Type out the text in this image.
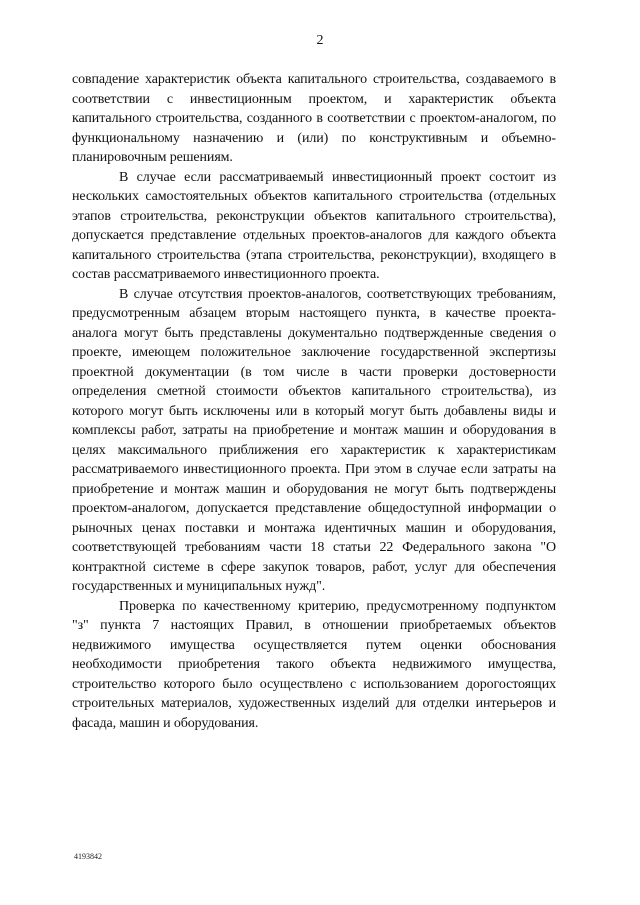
2

совпадение характеристик объекта капитального строительства, создаваемого в соответствии с инвестиционным проектом, и характеристик объекта капитального строительства, созданного в соответствии с проектом-аналогом, по функциональному назначению и (или) по конструктивным и объемно-планировочным решениям.

В случае если рассматриваемый инвестиционный проект состоит из нескольких самостоятельных объектов капитального строительства (отдельных этапов строительства, реконструкции объектов капитального строительства), допускается представление отдельных проектов-аналогов для каждого объекта капитального строительства (этапа строительства, реконструкции), входящего в состав рассматриваемого инвестиционного проекта.

В случае отсутствия проектов-аналогов, соответствующих требованиям, предусмотренным абзацем вторым настоящего пункта, в качестве проекта-аналога могут быть представлены документально подтвержденные сведения о проекте, имеющем положительное заключение государственной экспертизы проектной документации (в том числе в части проверки достоверности определения сметной стоимости объектов капитального строительства), из которого могут быть исключены или в который могут быть добавлены виды и комплексы работ, затраты на приобретение и монтаж машин и оборудования в целях максимального приближения его характеристик к характеристикам рассматриваемого инвестиционного проекта. При этом в случае если затраты на приобретение и монтаж машин и оборудования не могут быть подтверждены проектом-аналогом, допускается представление общедоступной информации о рыночных ценах поставки и монтажа идентичных машин и оборудования, соответствующей требованиям части 18 статьи 22 Федерального закона "О контрактной системе в сфере закупок товаров, работ, услуг для обеспечения государственных и муниципальных нужд".

Проверка по качественному критерию, предусмотренному подпунктом "з" пункта 7 настоящих Правил, в отношении приобретаемых объектов недвижимого имущества осуществляется путем оценки обоснования необходимости приобретения такого объекта недвижимого имущества, строительство которого было осуществлено с использованием дорогостоящих строительных материалов, художественных изделий для отделки интерьеров и фасада, машин и оборудования.

4193842
